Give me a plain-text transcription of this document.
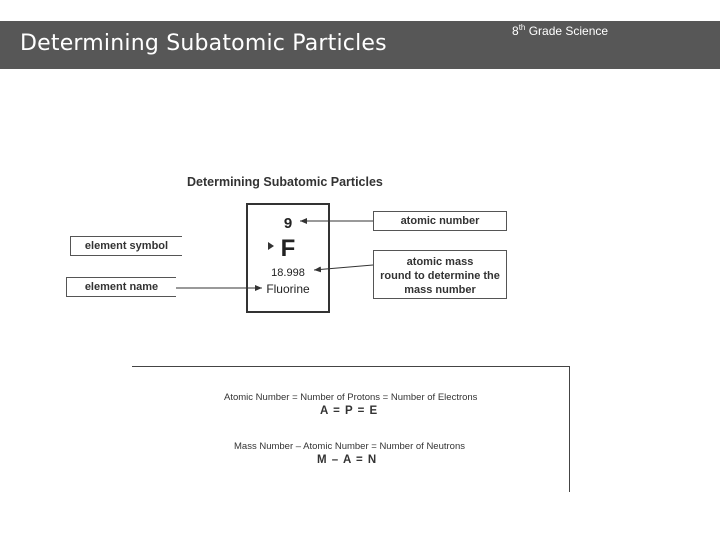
Determining Subatomic Particles	8th Grade Science
Determining Subatomic Particles
element symbol
element name
atomic number
atomic mass
round to determine the
mass number
9
F
18.998
Fluorine
Atomic Number = Number of Protons = Number of Electrons
A = P = E
Mass Number – Atomic Number = Number of Neutrons
M – A = N
